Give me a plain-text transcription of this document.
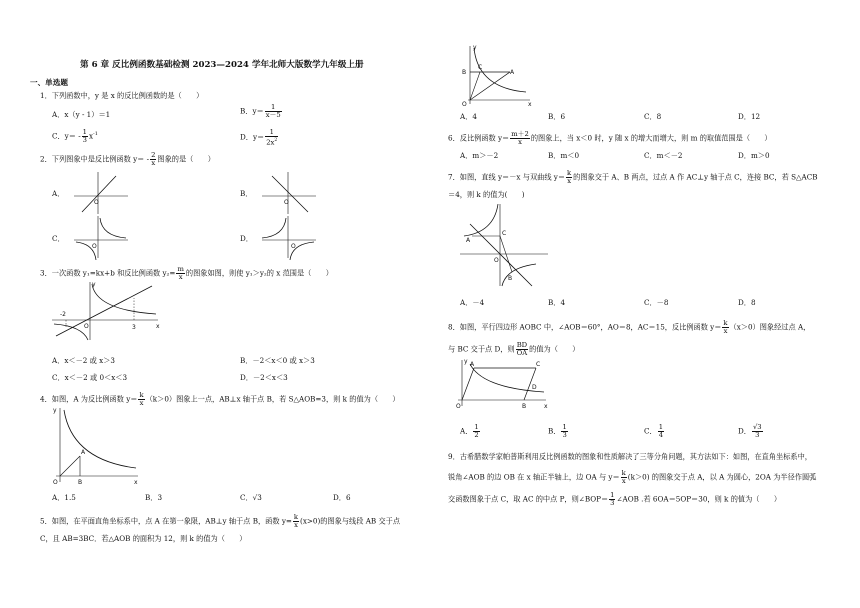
第 6 章 反比例函数基础检测 2023—2024 学年北师大版数学九年级上册
一、单选题
1．下列函数中，y 是 x 的反比例函数的是（　　）
A．x（y - 1）＝1	B．$y= \frac{1}{x-5}$
C．$y= - \frac{1}{3} x^{-1}$	D．$y= \frac{1}{2x^2}$
2．下列图象中是反比例函数 $y= - \frac{2}{x}$ 图象的是（　　）
A．
O
B．
O
C．
O
D．
O
3．一次函数 y₁=kx+b 和反比例函数 $y_2= \frac{m}{x}$ 的图象如图，则使 y₁＞y₂的 x 范围是（　　）
-2
3
O	x
y
A．x＜－2 或 x＞3	B．－2＜x＜0 或 x＞3
C．x＜－2 或 0＜x＜3	D．－2＜x＜3
4．如图，A 为反比例函数 $y= \frac{k}{x} (k>0)$图象上一点，AB⊥x 轴于点 B，若 S△AOB=3，则 k 的值为（　　）
A
B
O	x
y
A．1.5	B．3	C．√3	D．6
5．如图，在平面直角坐标系中，点 A 在第一象限，AB⊥y 轴于点 B，函数 $y= \frac{k}{x} (x>0)$的图象与线段 AB 交于点
C，且 AB=3BC．若△AOB 的面积为 12，则 k 的值为（　　）
B
C
A
O	x
y
A．4	B．6	C．8	D．12
6．反比例函数 $y= \frac{m+2}{x}$ 的图象上，当 x＜0 时，y 随 x 的增大而增大，则 m 的取值范围是（　　）
A．m＞－2	B．m＜0	C．m＜－2	D．m＞0
7．如图，直线 y＝－x 与双曲线 $y= \frac{k}{x}$ 的图象交于 A、B 两点，过点 A 作 AC⊥y 轴于点 C，连接 BC，若 S△ACB
＝4，则 k 的值为(　　)
A
C
O
B
A．－4	B．4	C．－8	D．8
8．如图，平行四边形 AOBC 中，∠AOB＝60°，AO＝8，AC＝15，反比例函数 $y= \frac{k}{x} (x>0)$图象经过点 A，
与 BC 交于点 D，则 $\frac{BD}{OA}$ 的值为（　　）
A	C
D
O	B	x
y
A． $\frac{1}{2}$	B． $\frac{1}{3}$	C． $\frac{1}{4}$	D． $\frac{√3}{3}$
9．古希腊数学家帕普斯利用反比例函数的图象和性质解决了三等分角问题，其方法如下：如图，在直角坐标系中，
锐角∠AOB 的边 OB 在 x 轴正半轴上，边 OA 与 $y= \frac{k}{x} (k>0)$ 的图象交于点 A，以 A 为圆心，2OA 为半径作圆弧
交函数图象于点 C，取 AC 的中点 P，则∠BOP＝ $\frac{1}{3}$ ∠AOB .若 6OA＝5OP＝30，则 k 的值为（　　）
